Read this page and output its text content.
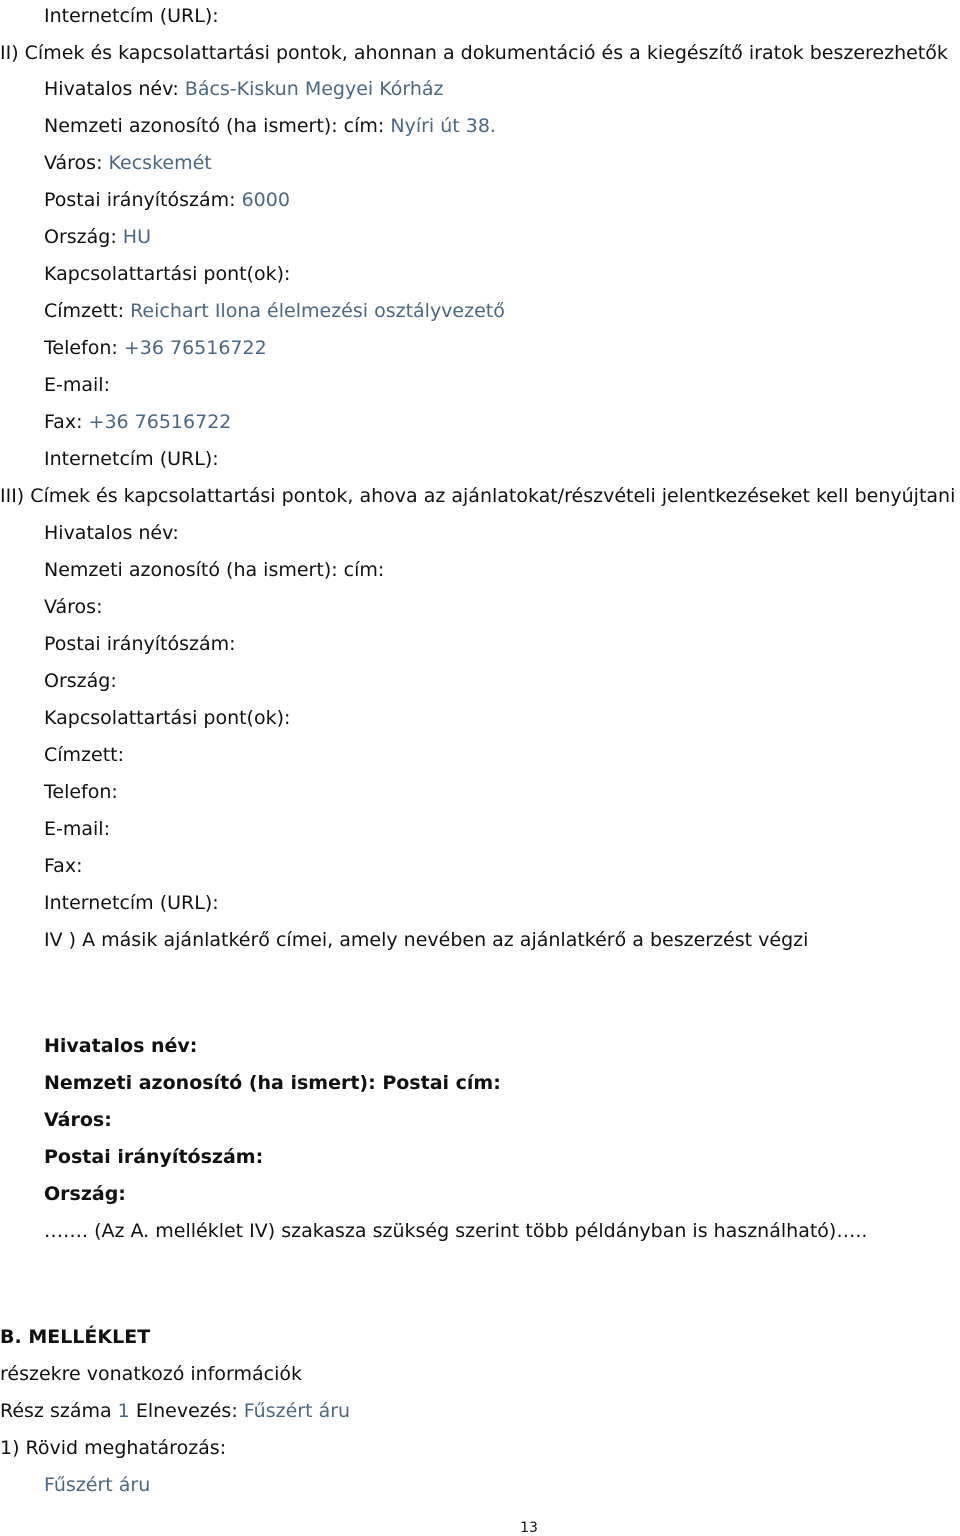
Internetcím (URL):
II) Címek és kapcsolattartási pontok, ahonnan a dokumentáció és a kiegészítő iratok beszerezhetők
Hivatalos név: Bács-Kiskun Megyei Kórház
Nemzeti azonosító (ha ismert): cím: Nyíri út 38.
Város: Kecskemét
Postai irányítószám: 6000
Ország: HU
Kapcsolattartási pont(ok):
Címzett: Reichart Ilona élelmezési osztályvezető
Telefon: +36 76516722
E-mail:
Fax: +36 76516722
Internetcím (URL):
III) Címek és kapcsolattartási pontok, ahova az ajánlatokat/részvételi jelentkezéseket kell benyújtani
Hivatalos név:
Nemzeti azonosító (ha ismert): cím:
Város:
Postai irányítószám:
Ország:
Kapcsolattartási pont(ok):
Címzett:
Telefon:
E-mail:
Fax:
Internetcím (URL):
IV ) A másik ajánlatkérő címei, amely nevében az ajánlatkérő a beszerzést végzi
Hivatalos név:
Nemzeti azonosító (ha ismert): Postai cím:
Város:
Postai irányítószám:
Ország:
……. (Az A. melléklet IV) szakasza szükség szerint több példányban is használható)…..
B. MELLÉKLET
részekre vonatkozó információk
Rész száma 1 Elnevezés: Fűszért áru
1) Rövid meghatározás:
Fűszért áru
13
